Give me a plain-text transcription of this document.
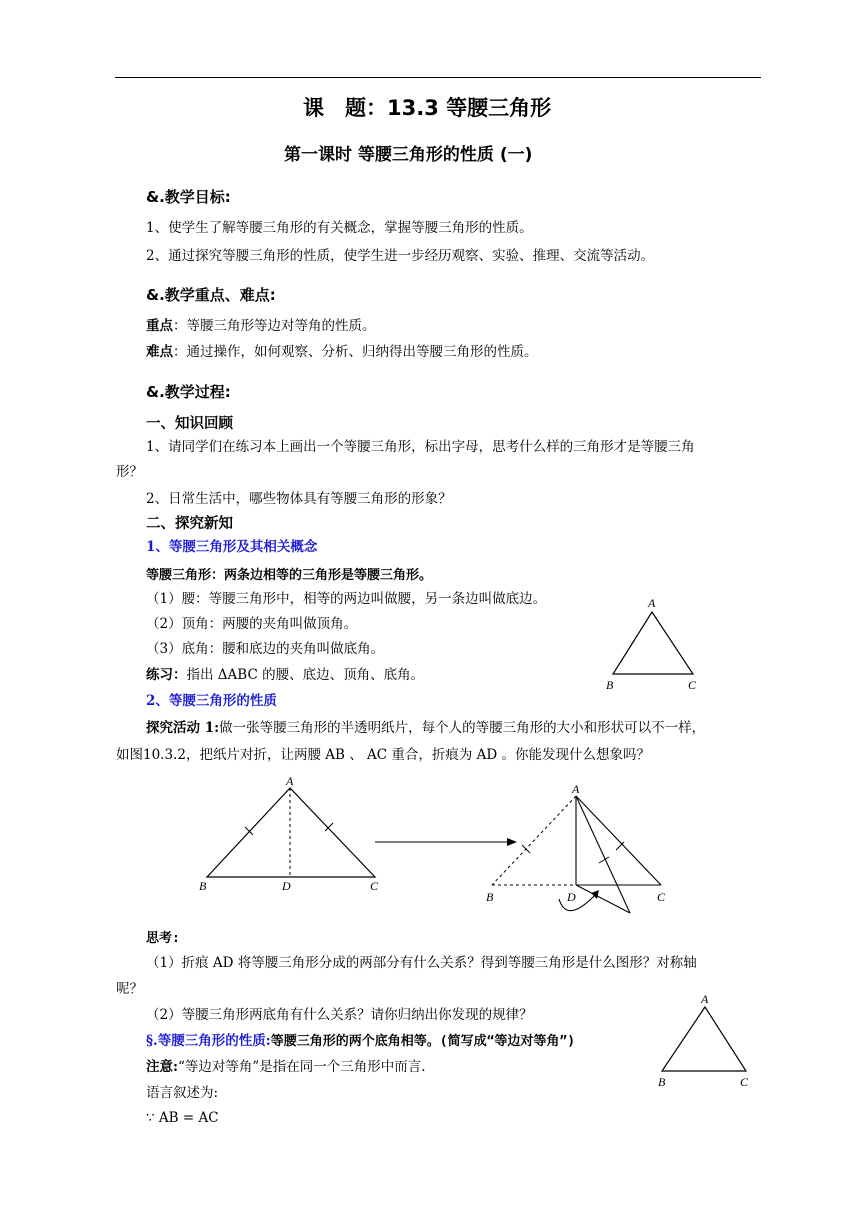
课　题：13.3 等腰三角形
第一课时 等腰三角形的性质 (一)
&.教学目标:
1、使学生了解等腰三角形的有关概念，掌握等腰三角形的性质。
2、通过探究等腰三角形的性质，使学生进一步经历观察、实验、推理、交流等活动。
&.教学重点、难点:
重点：等腰三角形等边对等角的性质。
难点：通过操作，如何观察、分析、归纳得出等腰三角形的性质。
&.教学过程:
一、知识回顾
1、请同学们在练习本上画出一个等腰三角形，标出字母，思考什么样的三角形才是等腰三角
形？
2、日常生活中，哪些物体具有等腰三角形的形象？
二、探究新知
1、等腰三角形及其相关概念
等腰三角形：两条边相等的三角形是等腰三角形。
（1）腰：等腰三角形中，相等的两边叫做腰，另一条边叫做底边。
（2）顶角：两腰的夹角叫做顶角。
（3）底角：腰和底边的夹角叫做底角。
练习：指出 ΔABC 的腰、底边、顶角、底角。
A
B	C
2、等腰三角形的性质
探究活动 1:做一张等腰三角形的半透明纸片，每个人的等腰三角形的大小和形状可以不一样，
如图10.3.2，把纸片对折，让两腰 AB 、 AC 重合，折痕为 AD 。你能发现什么想象吗？
A
B	D	C
A
B	D	C
思考:
（1）折痕 AD 将等腰三角形分成的两部分有什么关系？得到等腰三角形是什么图形？对称轴
呢？
（2）等腰三角形两底角有什么关系？请你归纳出你发现的规律？
§.等腰三角形的性质:等腰三角形的两个底角相等。(简写成“等边对等角”)
注意:“等边对等角”是指在同一个三角形中而言.
语言叙述为:
∵ AB = AC
A
B	C
